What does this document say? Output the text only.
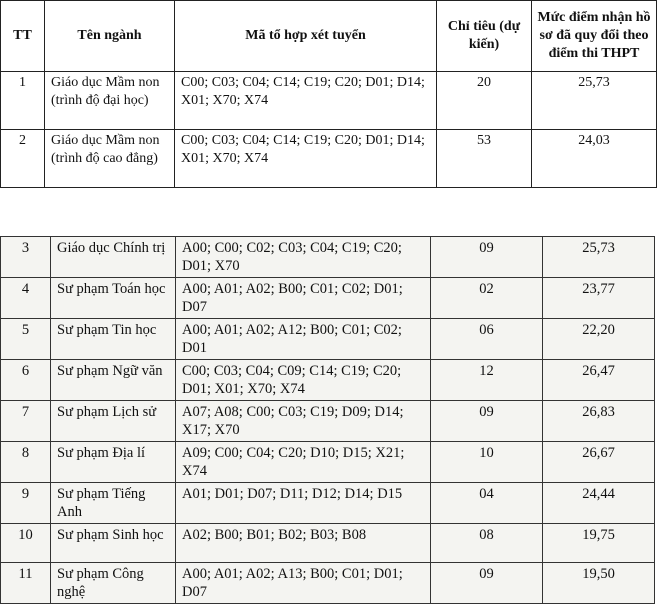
TT	Tên ngành	Mã tổ hợp xét tuyển	Chỉ tiêu (dự kiến)	Mức điểm nhận hồ sơ đã quy đổi theo điểm thi THPT
1	Giáo dục Mầm non (trình độ đại học)	C00; C03; C04; C14; C19; C20; D01; D14; X01; X70; X74	20	25,73
2	Giáo dục Mầm non (trình độ cao đẳng)	C00; C03; C04; C14; C19; C20; D01; D14; X01; X70; X74	53	24,03
3	Giáo dục Chính trị	A00; C00; C02; C03; C04; C19; C20; D01; X70	09	25,73
4	Sư phạm Toán học	A00; A01; A02; B00; C01; C02; D01; D07	02	23,77
5	Sư phạm Tin học	A00; A01; A02; A12; B00; C01; C02; D01	06	22,20
6	Sư phạm Ngữ văn	C00; C03; C04; C09; C14; C19; C20; D01; X01; X70; X74	12	26,47
7	Sư phạm Lịch sử	A07; A08; C00; C03; C19; D09; D14; X17; X70	09	26,83
8	Sư phạm Địa lí	A09; C00; C04; C20; D10; D15; X21; X74	10	26,67
9	Sư phạm Tiếng Anh	A01; D01; D07; D11; D12; D14; D15	04	24,44
10	Sư phạm Sinh học	A02; B00; B01; B02; B03; B08	08	19,75
11	Sư phạm Công nghệ	A00; A01; A02; A13; B00; C01; D01; D07	09	19,50
